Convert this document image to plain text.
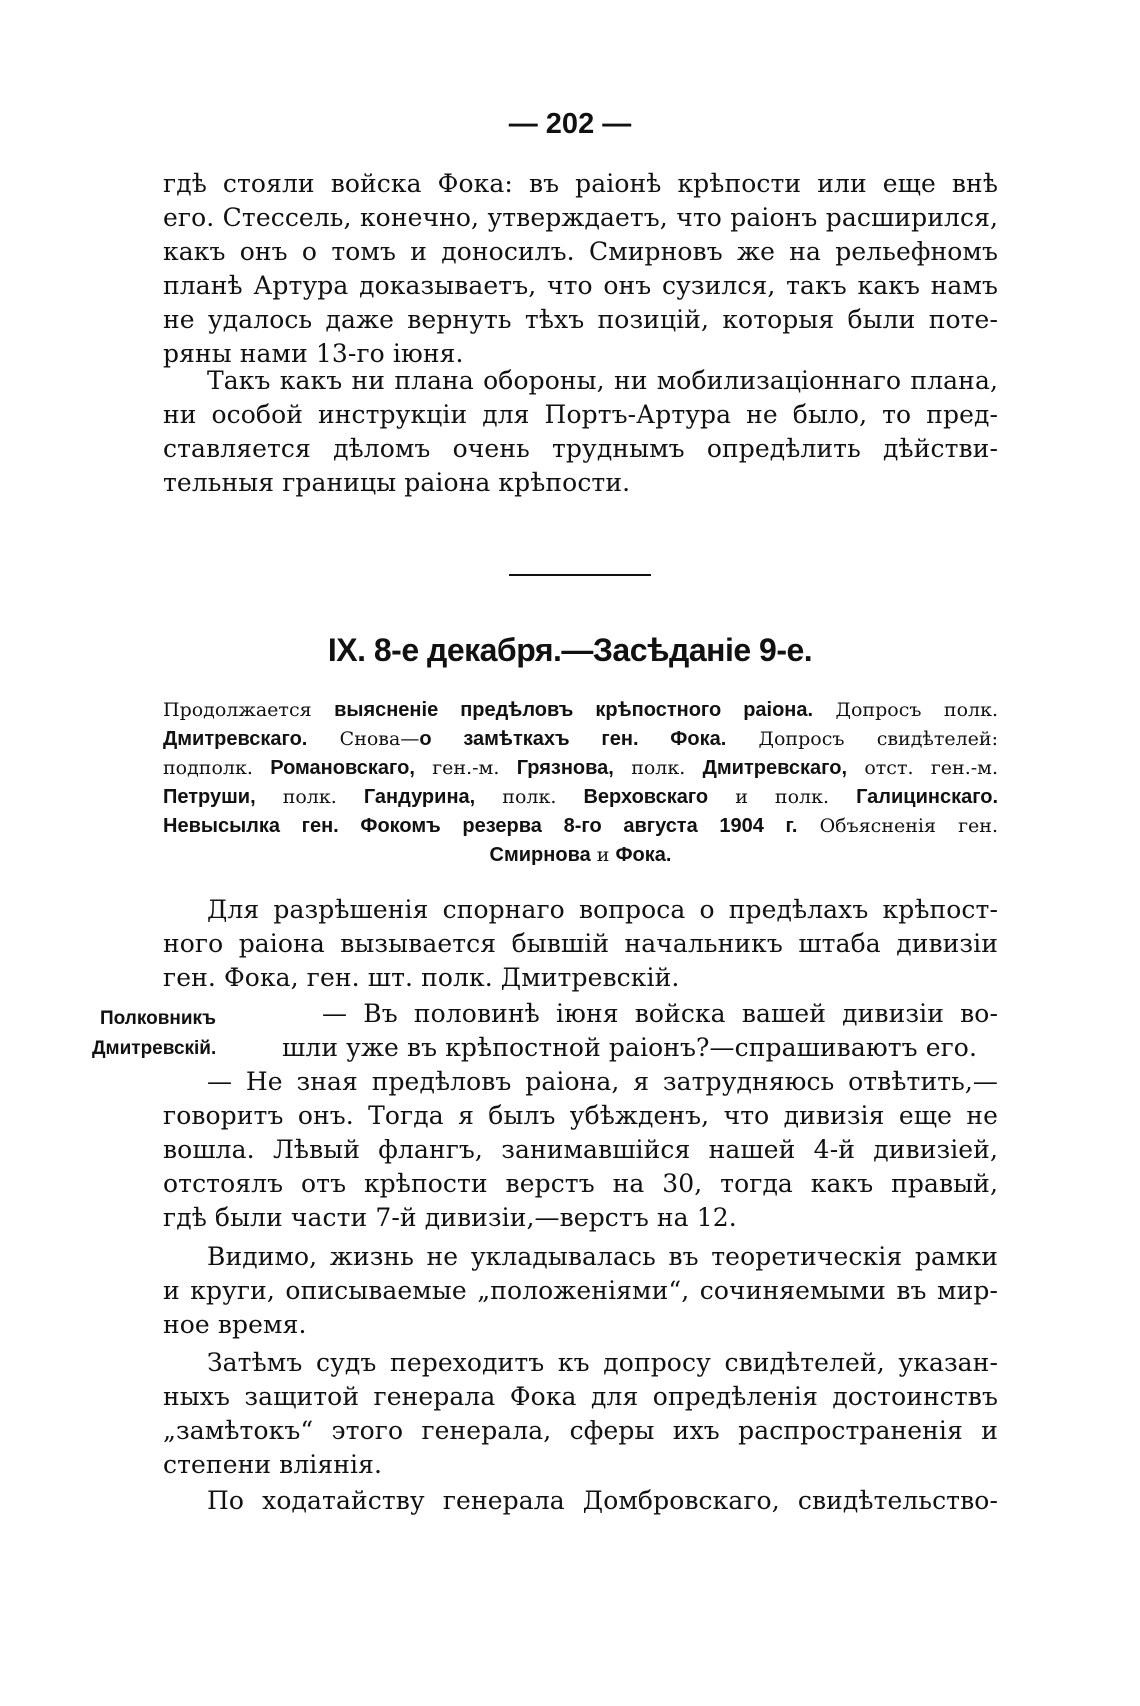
— 202 —
гдѣ стояли войска Фока: въ раіонѣ крѣпости или еще внѣ
его. Стессель, конечно, утверждаетъ, что раіонъ расширился,
какъ онъ о томъ и доносилъ. Смирновъ же на рельефномъ
планѣ Артура доказываетъ, что онъ сузился, такъ какъ намъ
не удалось даже вернуть тѣхъ позицій, которыя были поте-
ряны нами 13-го іюня.
Такъ какъ ни плана обороны, ни мобилизаціоннаго плана,
ни особой инструкціи для Портъ-Артура не было, то пред-
ставляется дѣломъ очень труднымъ опредѣлить дѣйстви-
тельныя границы раіона крѣпости.
IX. 8-е декабря.—Засѣданіе 9-е.
Продолжается выясненіе предѣловъ крѣпостного раіона. Допросъ полк.
Дмитревскаго. Снова—о замѣткахъ ген. Фока. Допросъ свидѣтелей:
подполк. Романовскаго, ген.-м. Грязнова, полк. Дмитревскаго, отст. ген.-м.
Петруши, полк. Гандурина, полк. Верховскаго и полк. Галицинскаго.
Невысылка ген. Фокомъ резерва 8-го августа 1904 г. Объясненія ген.
Смирнова и Фока.
Для разрѣшенія спорнаго вопроса о предѣлахъ крѣпост-
ного раіона вызывается бывшій начальникъ штаба дивизіи
ген. Фока, ген. шт. полк. Дмитревскій.
Полковникъ
Дмитревскій.
— Въ половинѣ іюня войска вашей дивизіи во-
шли уже въ крѣпостной раіонъ?—спрашиваютъ его.
— Не зная предѣловъ раіона, я затрудняюсь отвѣтить,—
говоритъ онъ. Тогда я былъ убѣжденъ, что дивизія еще не
вошла. Лѣвый флангъ, занимавшійся нашей 4-й дивизіей,
отстоялъ отъ крѣпости верстъ на 30, тогда какъ правый,
гдѣ были части 7-й дивизіи,—верстъ на 12.
Видимо, жизнь не укладывалась въ теоретическія рамки
и круги, описываемые „положеніями“, сочиняемыми въ мир-
ное время.
Затѣмъ судъ переходитъ къ допросу свидѣтелей, указан-
ныхъ защитой генерала Фока для опредѣленія достоинствъ
„замѣтокъ“ этого генерала, сферы ихъ распространенія и
степени вліянія.
По ходатайству генерала Домбровскаго, свидѣтельство-
